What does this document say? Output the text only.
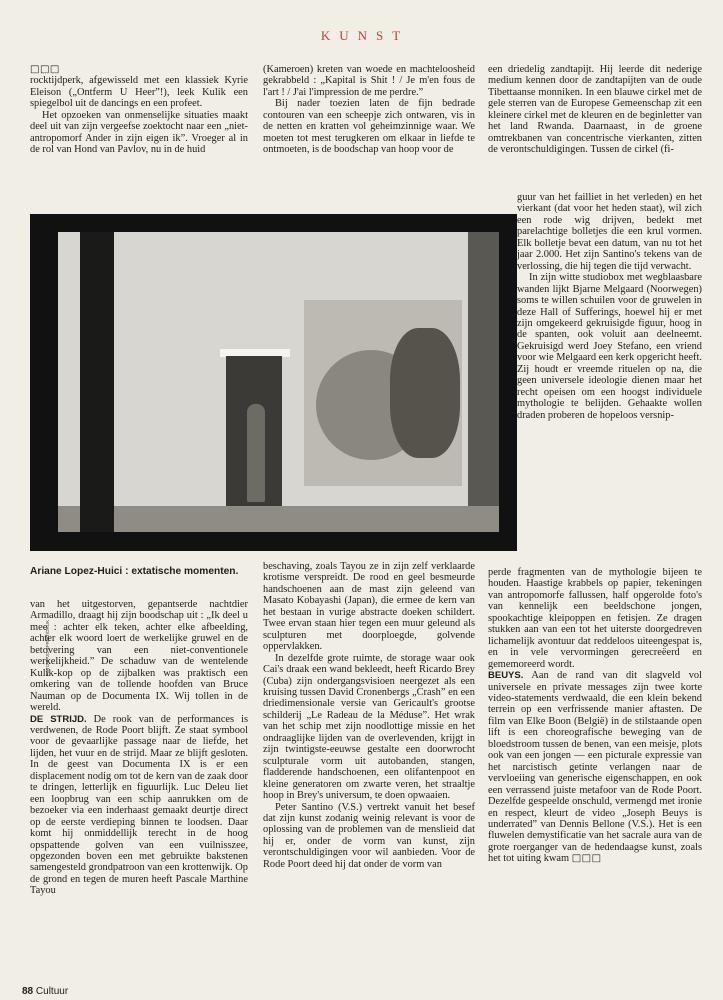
KUNST

□□□

rocktijdperk, afgewisseld met een klassiek Kyrie Eleison („Ontferm U Heer”!), leek Kulik een spiegelbol uit de dancings en een profeet.

Het opzoeken van onmenselijke situaties maakt deel uit van zijn vergeefse zoektocht naar een „niet-antropomorf Ander in zijn eigen ik”. Vroeger al in de rol van Hond van Pavlov, nu in de huid

(Kameroen) kreten van woede en machteloosheid gekrabbeld : „Kapital is Shit ! / Je m'en fous de l'art ! / J'ai l'impression de me perdre.”

Bij nader toezien laten de fijn bedrade contouren van een scheepje zich ontwaren, vis in de netten en kratten vol geheimzinnige waar. We moeten tot mest terugkeren om elkaar in liefde te ontmoeten, is de boodschap van hoop voor de

een driedelig zandtapijt. Hij leerde dit nederige medium kennen door de zandtapijten van de oude Tibettaanse monniken. In een blauwe cirkel met de gele sterren van de Europese Gemeenschap zit een kleinere cirkel met de kleuren en de beginletter van het land Rwanda. Daarnaast, in de groene omtrekbanen van concentrische vierkanten, zitten de verontschuldigingen. Tussen de cirkel (fi-

guur van het failliet in het verleden) en het vierkant (dat voor het heden staat), wil zich een rode wig drijven, bedekt met parelachtige bolletjes die een krul vormen. Elk bolletje bevat een datum, van nu tot het jaar 2.000. Het zijn Santino's tekens van de verlossing, die hij tegen die tijd verwacht.

In zijn witte studiobox met wegblaasbare wanden lijkt Bjarne Melgaard (Noorwegen) soms te willen schuilen voor de gruwelen in deze Hall of Sufferings, hoewel hij er met zijn omgekeerd gekruisigde figuur, hoog in de spanten, ook voluit aan deelneemt. Gekruisigd werd Joey Stefano, een vriend voor wie Melgaard een kerk opgericht heeft. Zij houdt er vreemde rituelen op na, die geen universele ideologie dienen maar het recht opeisen om een hoogst individuele mythologie te belijden. Gehaakte wollen draden proberen de hopeloos versnip-

FOTO'S: JO SPRIET/DRUK
Ariane Lopez-Huici : extatische momenten.

van het uitgestorven, gepantserde nachtdier Armadillo, draagt hij zijn boodschap uit : „Ik deel u mee : achter elk teken, achter elke afbeelding, achter elk woord loert de werkelijke gruwel en de betovering van een niet-conventionele werkelijkheid.” De schaduw van de wentelende Kulik-kop op de zijbalken was praktisch een omkering van de tollende hoofden van Bruce Nauman op de Documenta IX. Wij tollen in de wereld.

DE STRIJD. De rook van de performances is verdwenen, de Rode Poort blijft. Ze staat symbool voor de gevaarlijke passage naar de liefde, het lijden, het vuur en de strijd. Maar ze blijft gesloten. In de geest van Documenta IX is er een displacement nodig om tot de kern van de zaak door te dringen, letterlijk en figuurlijk. Luc Deleu liet een loopbrug van een schip aanrukken om de bezoeker via een inderhaast gemaakt deurtje direct op de eerste verdieping binnen te loodsen. Daar komt hij onmiddellijk terecht in de hoog opspattende golven van een vuilnisszee, opgezonden boven een met gebruikte bakstenen samengesteld grondpatroon van een krottenwijk. Op de grond en tegen de muren heeft Pascale Marthine Tayou

beschaving, zoals Tayou ze in zijn zelf verklaarde krotisme verspreidt. De rood en geel besmeurde handschoenen aan de mast zijn geleend van Masato Kobayashi (Japan), die ermee de kern van het bestaan in vurige abstracte doeken schildert. Twee ervan staan hier tegen een muur geleund als sculpturen met doorploegde, golvende oppervlakken.

In dezelfde grote ruimte, de storage waar ook Cai's draak een wand bekleedt, heeft Ricardo Brey (Cuba) zijn ondergangsvisioen neergezet als een kruising tussen David Cronenbergs „Crash” en een driedimensionale versie van Gericault's grootse schilderij „Le Radeau de la Méduse”. Het wrak van het schip met zijn noodlottige missie en het ondraaglijke lijden van de overlevenden, krijgt in zijn twintigste-eeuwse gestalte een doorwrocht sculpturale vorm uit autobanden, stangen, fladderende handschoenen, een olifantenpoot en kleine generatoren om zwarte veren, het straaltje hoop in Brey's universum, te doen opwaaien.

Peter Santino (V.S.) vertrekt vanuit het besef dat zijn kunst zodanig weinig relevant is voor de oplossing van de problemen van de menslieid dat hij er, onder de vorm van kunst, zijn verontschuldigingen voor wil aanbieden. Voor de Rode Poort deed hij dat onder de vorm van

perde fragmenten van de mythologie bijeen te houden. Haastige krabbels op papier, tekeningen van antropomorfe fallussen, half opgerolde foto's van kennelijk een beeldschone jongen, spookachtige kleipoppen en fetisjen. Ze dragen stukken aan van een tot het uiterste doorgedreven lichamelijk avontuur dat reddeloos uiteengespat is, en in vele vervormingen gerecreëerd en gememoreerd wordt.

BEUYS. Aan de rand van dit slagveld vol universele en private messages zijn twee korte video-statements verdwaald, die een klein bekend terrein op een verfrissende manier aftasten. De film van Elke Boon (België) in de stilstaande open lift is een choreografische beweging van de bloedstroom tussen de benen, van een meisje, plots ook van een jongen — een picturale expressie van het narcistisch getinte verlangen naar de vervloeiing van generische eigenschappen, en ook een verrassend juiste metafoor van de Rode Poort. Dezelfde gespeelde onschuld, vermengd met ironie en respect, kleurt de video „Joseph Beuys is underrated” van Dennis Bellone (V.S.). Het is een fluwelen demystificatie van het sacrale aura van de grote roerganger van de hedendaagse kunst, zoals het tot uiting kwam □□□

88 Cultuur
